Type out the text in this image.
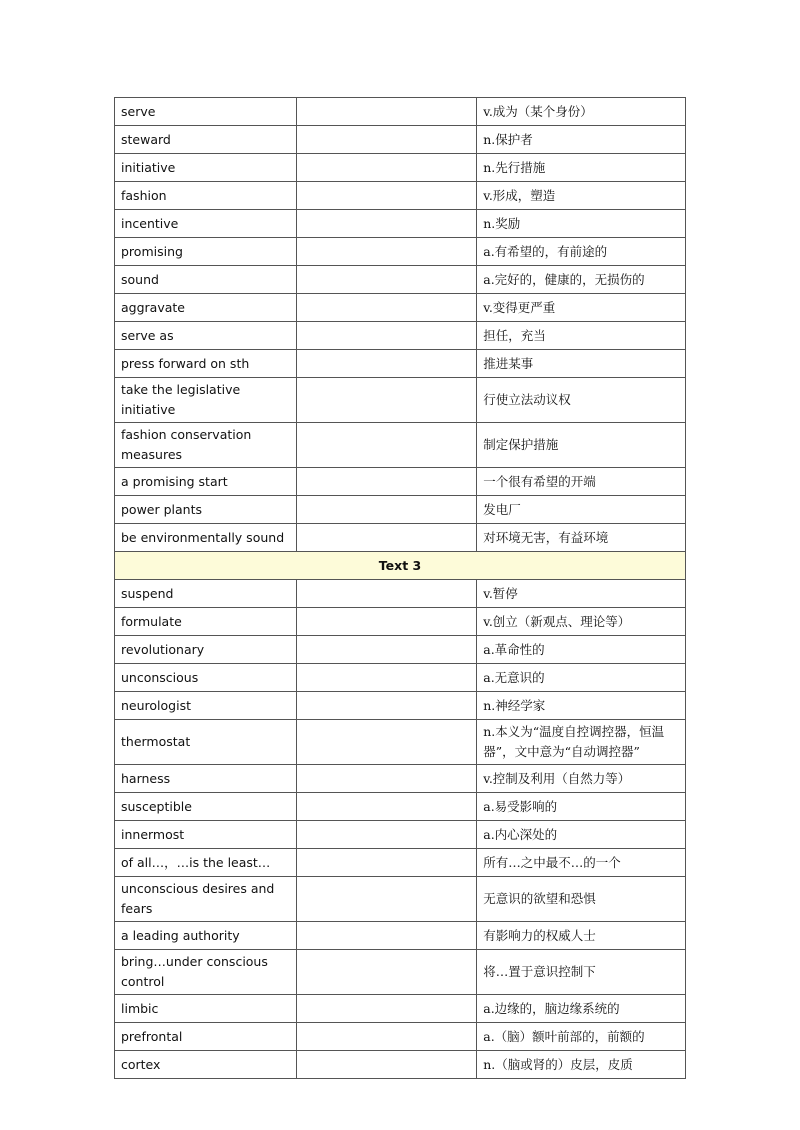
serve		v.成为（某个身份）
steward		n.保护者
initiative		n.先行措施
fashion		v.形成，塑造
incentive		n.奖励
promising		a.有希望的，有前途的
sound		a.完好的，健康的，无损伤的
aggravate		v.变得更严重
serve as		担任，充当
press forward on sth		推进某事
take the legislative initiative		行使立法动议权
fashion conservation measures		制定保护措施
a promising start		一个很有希望的开端
power plants		发电厂
be environmentally sound		对环境无害，有益环境
Text 3		
suspend		v.暂停
formulate		v.创立（新观点、理论等）
revolutionary		a.革命性的
unconscious		a.无意识的
neurologist		n.神经学家
thermostat		n.本义为“温度自控调控器，恒温器”，文中意为“自动调控器”
harness		v.控制及利用（自然力等）
susceptible		a.易受影响的
innermost		a.内心深处的
of all…，…is the least…		所有…之中最不…的一个
unconscious desires and fears		无意识的欲望和恐惧
a leading authority		有影响力的权威人士
bring…under conscious control		将…置于意识控制下
limbic		a.边缘的，脑边缘系统的
prefrontal		a.（脑）额叶前部的，前额的
cortex		n.（脑或肾的）皮层，皮质
